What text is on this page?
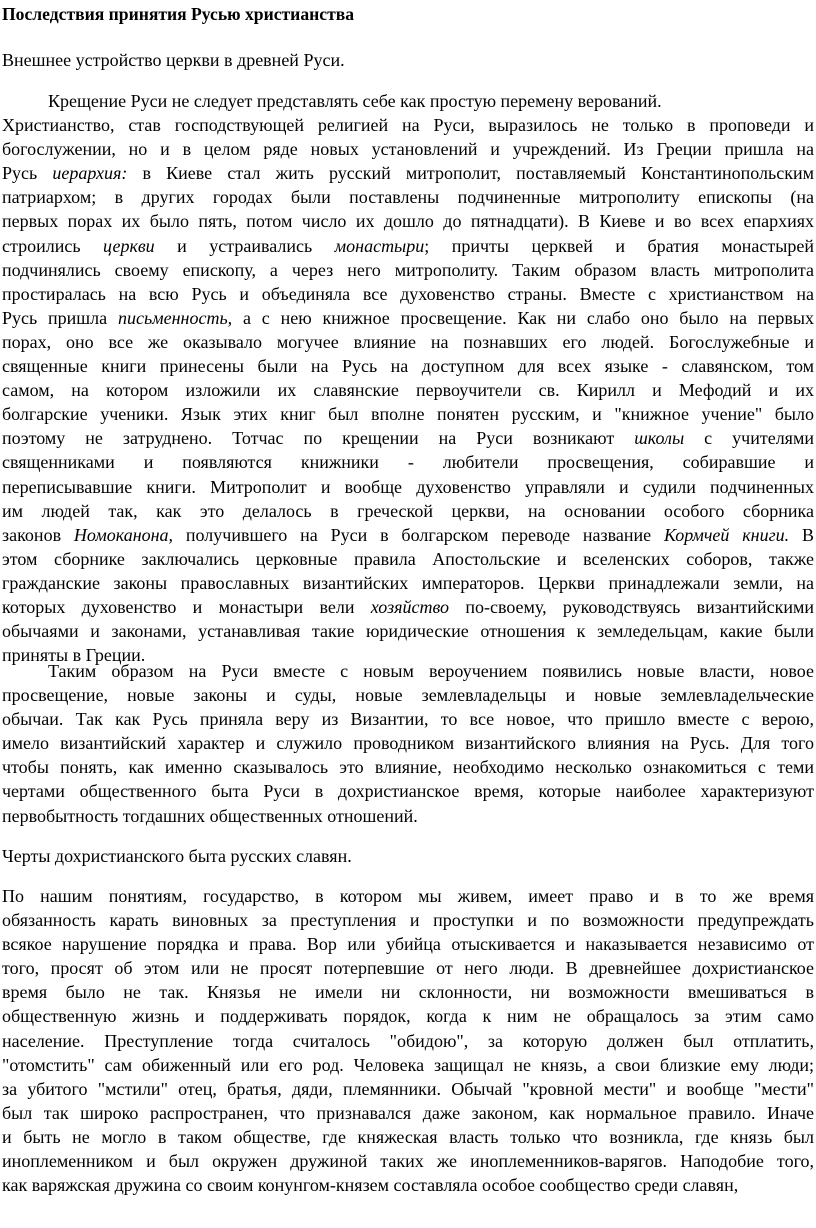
Последствия принятия Русью христианства
Внешнее устройство церкви в древней Руси.
Крещение Руси не следует представлять себе как простую перемену верований.
Христианство, став господствующей религией на Руси, выразилось не только в проповеди и
богослужении, но и в целом ряде новых установлений и учреждений. Из Греции пришла на
Русь иерархия: в Киеве стал жить русский митрополит, поставляемый Константинопольским
патриархом; в других городах были поставлены подчиненные митрополиту епископы (на
первых порах их было пять, потом число их дошло до пятнадцати). В Киеве и во всех епархиях
строились церкви и устраивались монастыри; причты церквей и братия монастырей
подчинялись своему епископу, а через него митрополиту. Таким образом власть митрополита
простиралась на всю Русь и объединяла все духовенство страны. Вместе с христианством на
Русь пришла письменность, а с нею книжное просвещение. Как ни слабо оно было на первых
порах, оно все же оказывало могучее влияние на познавших его людей. Богослужебные и
священные книги принесены были на Русь на доступном для всех языке - славянском, том
самом, на котором изложили их славянские первоучители св. Кирилл и Мефодий и их
болгарские ученики. Язык этих книг был вполне понятен русским, и "книжное учение" было
поэтому не затруднено. Тотчас по крещении на Руси возникают школы с учителями
священниками и появляются книжники - любители просвещения, собиравшие и
переписывавшие книги. Митрополит и вообще духовенство управляли и судили подчиненных
им людей так, как это делалось в греческой церкви, на основании особого сборника
законов Номоканона, получившего на Руси в болгарском переводе название Кормчей книги. В
этом сборнике заключались церковные правила Апостольские и вселенских соборов, также
гражданские законы православных византийских императоров. Церкви принадлежали земли, на
которых духовенство и монастыри вели хозяйство по-своему, руководствуясь византийскими
обычаями и законами, устанавливая такие юридические отношения к земледельцам, какие были
приняты в Греции.
Таким образом на Руси вместе с новым вероучением появились новые власти, новое
просвещение, новые законы и суды, новые землевладельцы и новые землевладельческие
обычаи. Так как Русь приняла веру из Византии, то все новое, что пришло вместе с верою,
имело византийский характер и служило проводником византийского влияния на Русь. Для того
чтобы понять, как именно сказывалось это влияние, необходимо несколько ознакомиться с теми
чертами общественного быта Руси в дохристианское время, которые наиболее характеризуют
первобытность тогдашних общественных отношений.
Черты дохристианского быта русских славян.
По нашим понятиям, государство, в котором мы живем, имеет право и в то же время
обязанность карать виновных за преступления и проступки и по возможности предупреждать
всякое нарушение порядка и права. Вор или убийца отыскивается и наказывается независимо от
того, просят об этом или не просят потерпевшие от него люди. В древнейшее дохристианское
время было не так. Князья не имели ни склонности, ни возможности вмешиваться в
общественную жизнь и поддерживать порядок, когда к ним не обращалось за этим само
население. Преступление тогда считалось "обидою", за которую должен был отплатить,
"отомстить" сам обиженный или его род. Человека защищал не князь, а свои близкие ему люди;
за убитого "мстили" отец, братья, дяди, племянники. Обычай "кровной мести" и вообще "мести"
был так широко распространен, что признавался даже законом, как нормальное правило. Иначе
и быть не могло в таком обществе, где княжеская власть только что возникла, где князь был
иноплеменником и был окружен дружиной таких же иноплеменников-варягов. Наподобие того,
как варяжская дружина со своим конунгом-князем составляла особое сообщество среди славян,
